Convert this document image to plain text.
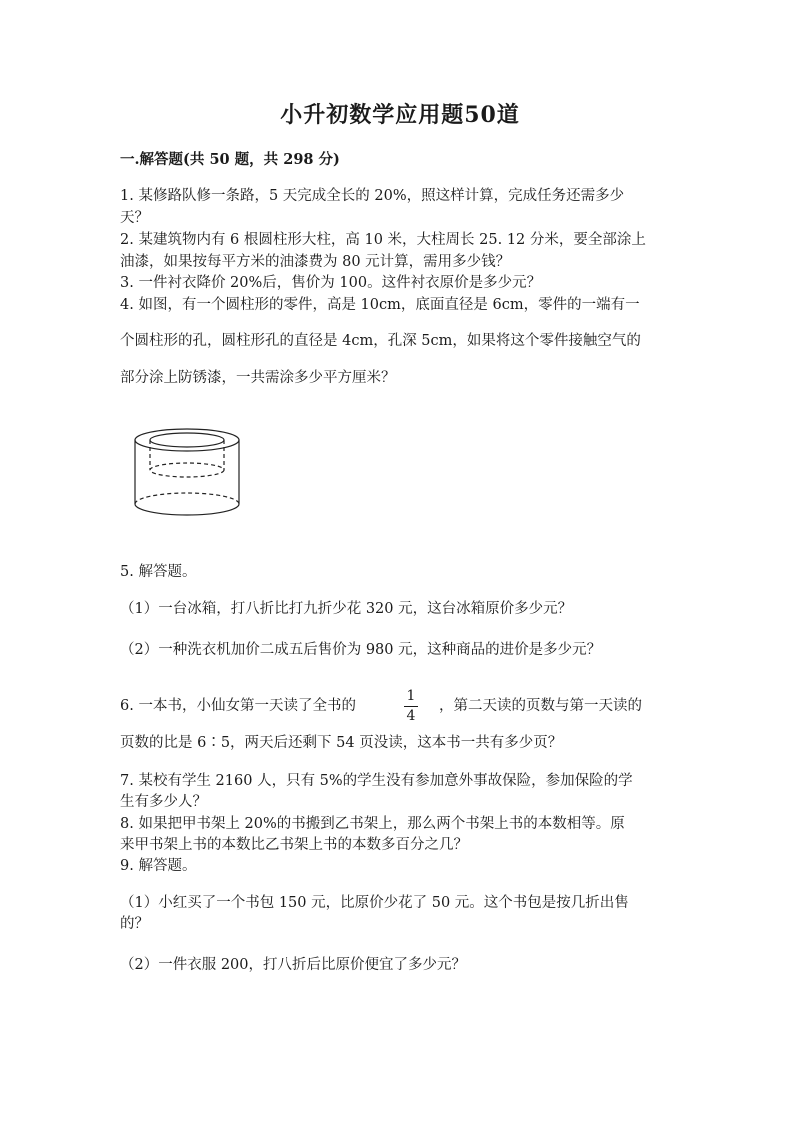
小升初数学应用题50道
一.解答题(共 50 题，共 298 分)
1. 某修路队修一条路，5 天完成全长的 20%，照这样计算，完成任务还需多少
天？
2. 某建筑物内有 6 根圆柱形大柱，高 10 米，大柱周长 25. 12 分米，要全部涂上
油漆，如果按每平方米的油漆费为 80 元计算，需用多少钱？
3. 一件衬衣降价 20%后，售价为 100。这件衬衣原价是多少元？
4. 如图，有一个圆柱形的零件，高是 10cm，底面直径是 6cm，零件的一端有一
个圆柱形的孔，圆柱形孔的直径是 4cm，孔深 5cm，如果将这个零件接触空气的
部分涂上防锈漆，一共需涂多少平方厘米？
5. 解答题。
（1）一台冰箱，打八折比打九折少花 320 元，这台冰箱原价多少元？
（2）一种洗衣机加价二成五后售价为 980 元，这种商品的进价是多少元？
6. 一本书，小仙女第一天读了全书的
1
4
，第二天读的页数与第一天读的
页数的比是 6∶5，两天后还剩下 54 页没读，这本书一共有多少页？
7. 某校有学生 2160 人，只有 5%的学生没有参加意外事故保险，参加保险的学
生有多少人？
8. 如果把甲书架上 20%的书搬到乙书架上，那么两个书架上书的本数相等。原
来甲书架上书的本数比乙书架上书的本数多百分之几？
9. 解答题。
（1）小红买了一个书包 150 元，比原价少花了 50 元。这个书包是按几折出售
的？
（2）一件衣服 200，打八折后比原价便宜了多少元？
